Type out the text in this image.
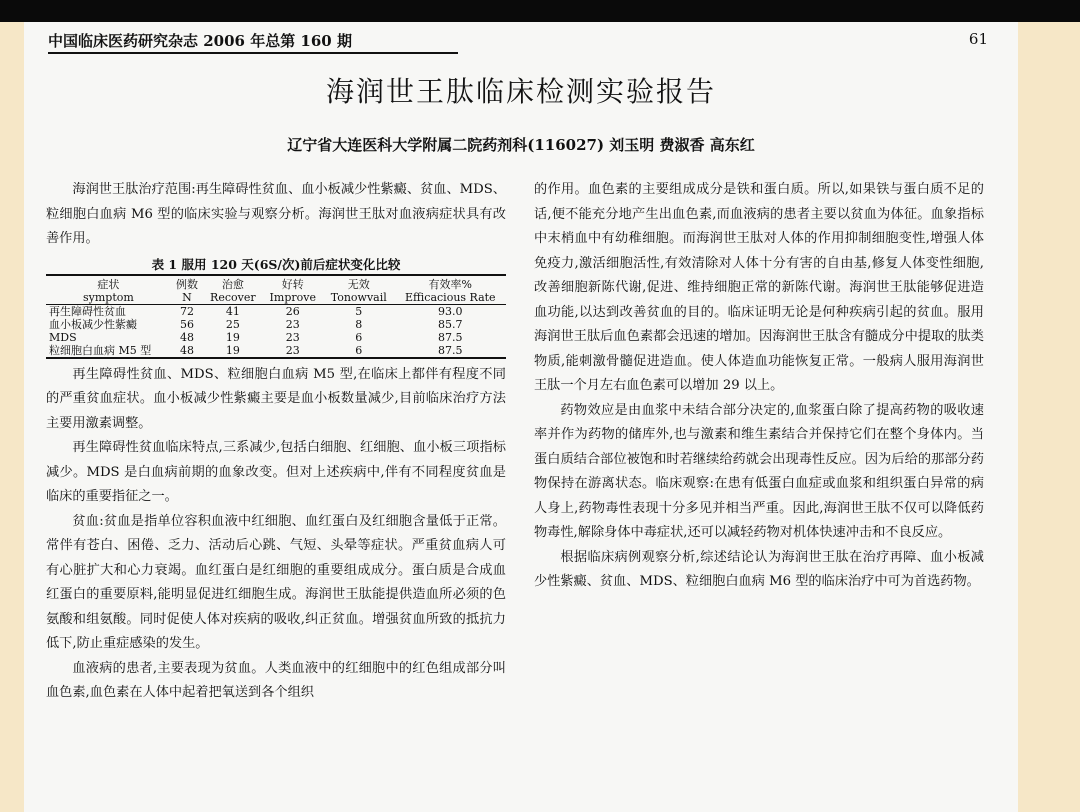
中国临床医药研究杂志 2006 年总第 160 期	61
海润世王肽临床检测实验报告
辽宁省大连医科大学附属二院药剂科(116027) 刘玉明 费淑香 高东红

海润世王肽治疗范围:再生障碍性贫血、血小板减少性紫癜、贫血、MDS、粒细胞白血病 M6 型的临床实验与观察分析。海润世王肽对血液病症状具有改善作用。

表 1 服用 120 天(6S/次)前后症状变化比较
症状	例数	治愈	好转	无效	有效率%
symptom	N	Recover	Improve	Tonowvail	Efficacious Rate
再生障碍性贫血	72	41	26	5	93.0
血小板减少性紫癜	56	25	23	8	85.7
MDS	48	19	23	6	87.5
粒细胞白血病 M5 型	48	19	23	6	87.5

再生障碍性贫血、MDS、粒细胞白血病 M5 型,在临床上都伴有程度不同的严重贫血症状。血小板减少性紫癜主要是血小板数量减少,目前临床治疗方法主要用激素调整。

再生障碍性贫血临床特点,三系减少,包括白细胞、红细胞、血小板三项指标减少。MDS 是白血病前期的血象改变。但对上述疾病中,伴有不同程度贫血是临床的重要指征之一。

贫血:贫血是指单位容积血液中红细胞、血红蛋白及红细胞含量低于正常。常伴有苍白、困倦、乏力、活动后心跳、气短、头晕等症状。严重贫血病人可有心脏扩大和心力衰竭。血红蛋白是红细胞的重要组成成分。蛋白质是合成血红蛋白的重要原料,能明显促进红细胞生成。海润世王肽能提供造血所必须的色氨酸和组氨酸。同时促使人体对疾病的吸收,纠正贫血。增强贫血所致的抵抗力低下,防止重症感染的发生。

血液病的患者,主要表现为贫血。人类血液中的红细胞中的红色组成部分叫血色素,血色素在人体中起着把氧送到各个组织

的作用。血色素的主要组成成分是铁和蛋白质。所以,如果铁与蛋白质不足的话,便不能充分地产生出血色素,而血液病的患者主要以贫血为体征。血象指标中末梢血中有幼稚细胞。而海润世王肽对人体的作用抑制细胞变性,增强人体免疫力,激活细胞活性,有效清除对人体十分有害的自由基,修复人体变性细胞,改善细胞新陈代谢,促进、维持细胞正常的新陈代谢。海润世王肽能够促进造血功能,以达到改善贫血的目的。临床证明无论是何种疾病引起的贫血。服用海润世王肽后血色素都会迅速的增加。因海润世王肽含有髓成分中提取的肽类物质,能刺激骨髓促进造血。使人体造血功能恢复正常。一般病人服用海润世王肽一个月左右血色素可以增加 29 以上。

药物效应是由血浆中未结合部分决定的,血浆蛋白除了提高药物的吸收速率并作为药物的储库外,也与激素和维生素结合并保持它们在整个身体内。当蛋白质结合部位被饱和时若继续给药就会出现毒性反应。因为后给的那部分药物保持在游离状态。临床观察:在患有低蛋白血症或血浆和组织蛋白异常的病人身上,药物毒性表现十分多见并相当严重。因此,海润世王肽不仅可以降低药物毒性,解除身体中毒症状,还可以减轻药物对机体快速冲击和不良反应。

根据临床病例观察分析,综述结论认为海润世王肽在治疗再障、血小板减少性紫癜、贫血、MDS、粒细胞白血病 M6 型的临床治疗中可为首选药物。
